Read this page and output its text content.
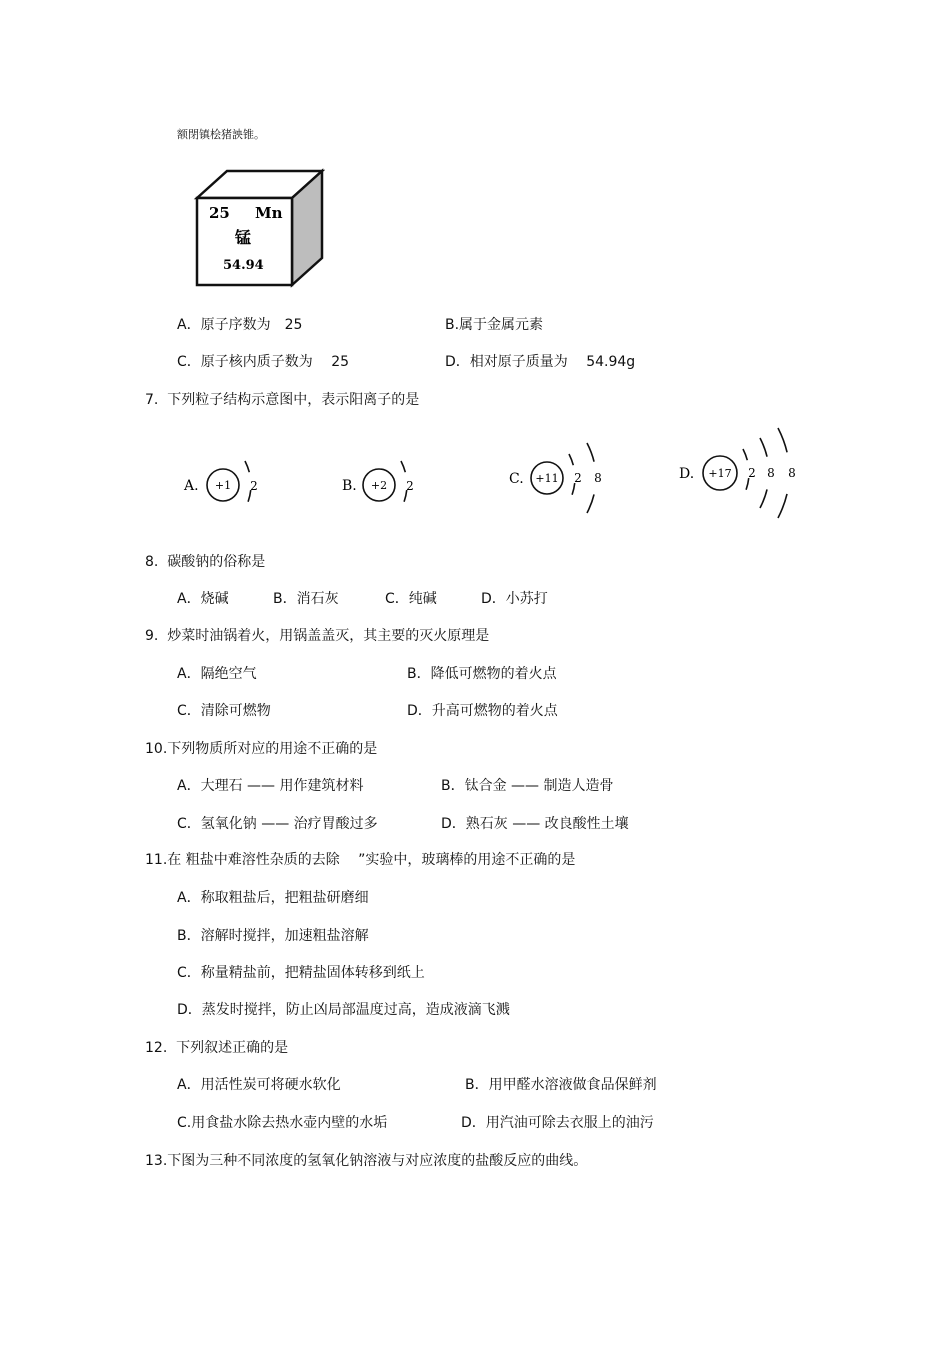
额閉镇桧猪詇锥。
25 Mn
锰
54.94
A．原子序数为　25	B.属于金属元素
C．原子核内质子数为　 25	D．相对原子质量为　 54.94g
7.  下列粒子结构示意图中，表示阳离子的是
A. +1 2	B. +2 2	C. +11 2 8	D. +17 2 8 8
8.  碳酸钠的俗称是
A．烧碱	B．消石灰	C．纯碱	D．小苏打
9.  炒菜时油锅着火，用锅盖盖灭，其主要的灭火原理是
A．隔绝空气	B．降低可燃物的着火点
C．清除可燃物	D．升高可燃物的着火点
10.下列物质所对应的用途不正确的是
A．大理石 —— 用作建筑材料	B．钛合金 —— 制造人造骨
C．氢氧化钠 —— 治疗胃酸过多	D．熟石灰 —— 改良酸性土壤
11.在 粗盐中难溶性杂质的去除　 ”实验中，玻璃棒的用途不正确的是
A．称取粗盐后，把粗盐研磨细
B．溶解时搅拌，加速粗盐溶解
C．称量精盐前，把精盐固体转移到纸上
D．蒸发时搅拌，防止凶局部温度过高，造成液滴飞溅
12.  下列叙述正确的是
A．用活性炭可将硬水软化	B．用甲醛水溶液做食品保鲜剂
C.用食盐水除去热水壶内壁的水垢	D．用汽油可除去衣服上的油污
13.下图为三种不同浓度的氢氧化钠溶液与对应浓度的盐酸反应的曲线。
